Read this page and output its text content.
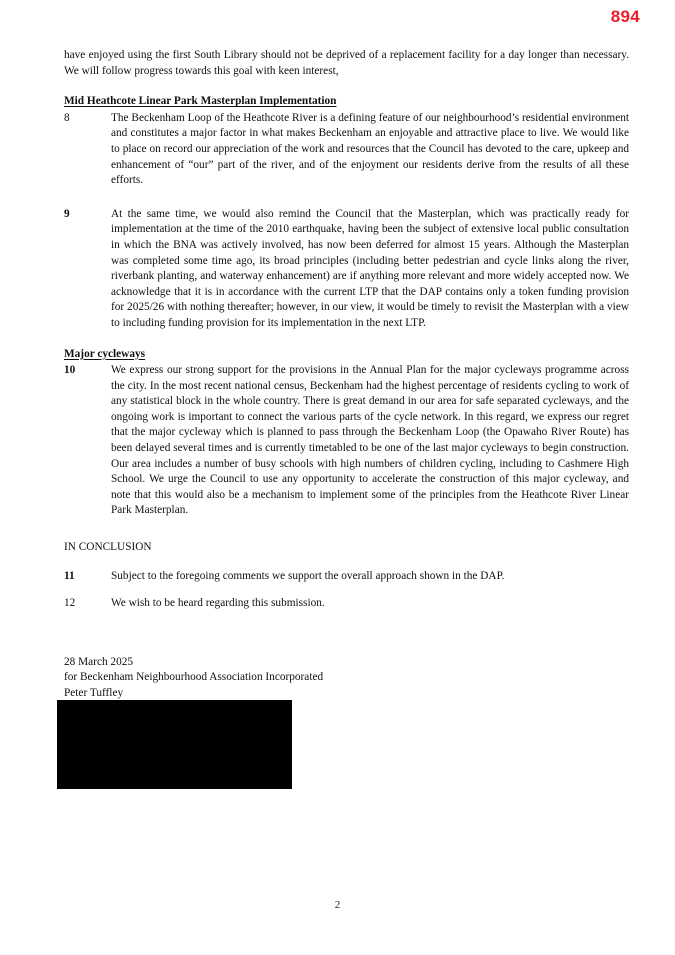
894

have enjoyed using the first South Library should not be deprived of a replacement facility for a day longer than necessary. We will follow progress towards this goal with keen interest,

Mid Heathcote Linear Park Masterplan Implementation
8	The Beckenham Loop of the Heathcote River is a defining feature of our neighbourhood’s residential environment and constitutes a major factor in what makes Beckenham an enjoyable and attractive place to live. We would like to place on record our appreciation of the work and resources that the Council has devoted to the care, upkeep and enhancement of “our” part of the river, and of the enjoyment our residents derive from the results of all these efforts.
9	At the same time, we would also remind the Council that the Masterplan, which was practically ready for implementation at the time of the 2010 earthquake, having been the subject of extensive local public consultation in which the BNA was actively involved, has now been deferred for almost 15 years. Although the Masterplan was completed some time ago, its broad principles (including better pedestrian and cycle links along the river, riverbank planting, and waterway enhancement) are if anything more relevant and more widely accepted now. We acknowledge that it is in accordance with the current LTP that the DAP contains only a token funding provision for 2025/26 with nothing thereafter; however, in our view, it would be timely to revisit the Masterplan with a view to including funding provision for its implementation in the next LTP.
Major cycleways
10	We express our strong support for the provisions in the Annual Plan for the major cycleways programme across the city. In the most recent national census, Beckenham had the highest percentage of residents cycling to work of any statistical block in the whole country. There is great demand in our area for safe separated cycleways, and the ongoing work is important to connect the various parts of the cycle network. In this regard, we express our regret that the major cycleway which is planned to pass through the Beckenham Loop (the Opawaho River Route) has been delayed several times and is currently timetabled to be one of the last major cycleways to begin construction. Our area includes a number of busy schools with high numbers of children cycling, including to Cashmere High School. We urge the Council to use any opportunity to accelerate the construction of this major cycleway, and note that this would also be a mechanism to implement some of the principles from the Heathcote River Linear Park Masterplan.
IN CONCLUSION
11	Subject to the foregoing comments we support the overall approach shown in the DAP.
12	We wish to be heard regarding this submission.
28 March 2025
for Beckenham Neighbourhood Association Incorporated
Peter Tuffley
2
